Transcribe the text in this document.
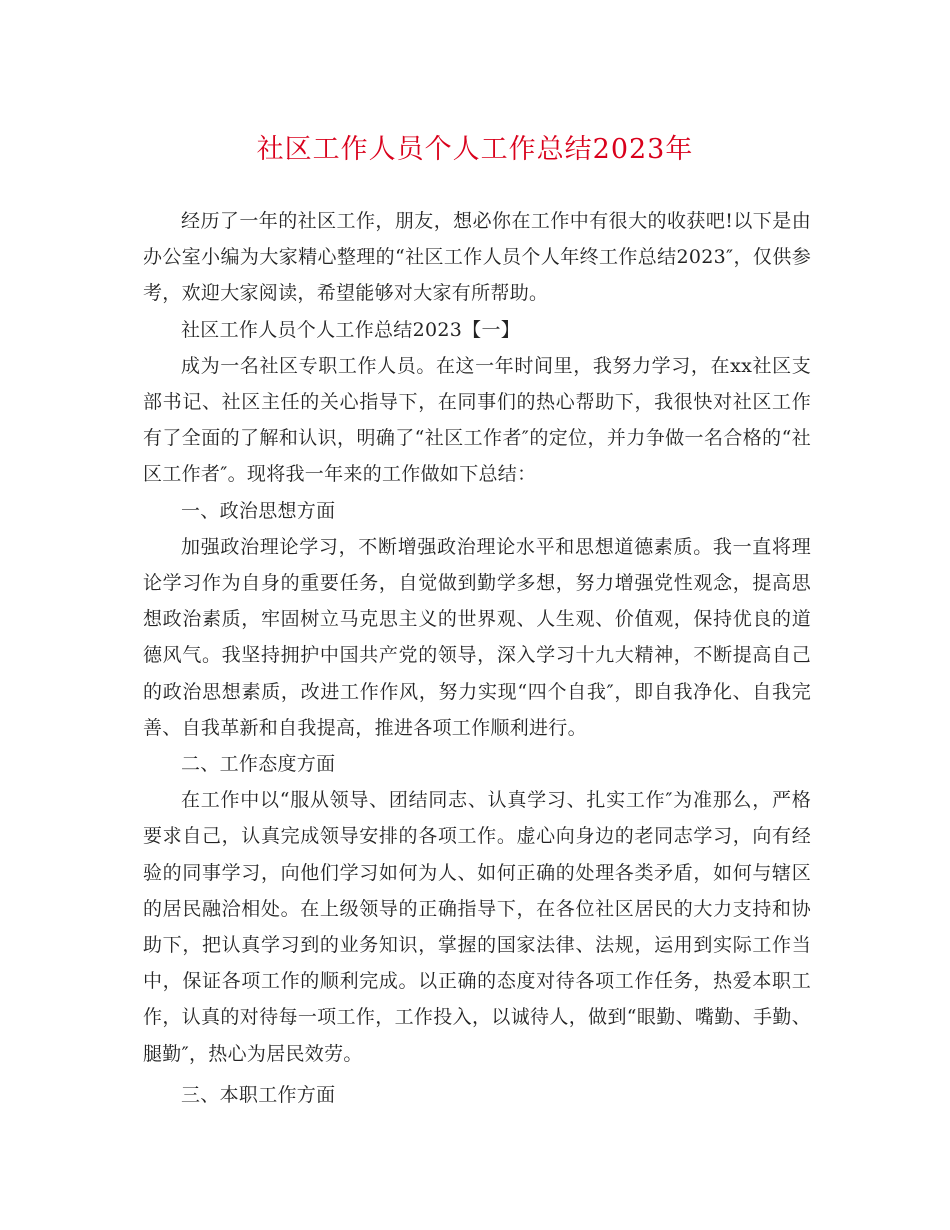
社区工作人员个人工作总结2023年

经历了一年的社区工作，朋友，想必你在工作中有很大的收获吧!以下是由办公室小编为大家精心整理的“社区工作人员个人年终工作总结2023″，仅供参考，欢迎大家阅读，希望能够对大家有所帮助。

社区工作人员个人工作总结2023【一】

成为一名社区专职工作人员。在这一年时间里，我努力学习，在xx社区支部书记、社区主任的关心指导下，在同事们的热心帮助下，我很快对社区工作有了全面的了解和认识，明确了“社区工作者″的定位，并力争做一名合格的“社区工作者″。现将我一年来的工作做如下总结：

一、政治思想方面

加强政治理论学习，不断增强政治理论水平和思想道德素质。我一直将理论学习作为自身的重要任务，自觉做到勤学多想，努力增强党性观念，提高思想政治素质，牢固树立马克思主义的世界观、人生观、价值观，保持优良的道德风气。我坚持拥护中国共产党的领导，深入学习十九大精神，不断提高自己的政治思想素质，改进工作作风，努力实现“四个自我″，即自我净化、自我完善、自我革新和自我提高，推进各项工作顺利进行。

二、工作态度方面

在工作中以“服从领导、团结同志、认真学习、扎实工作″为准那么，严格要求自己，认真完成领导安排的各项工作。虚心向身边的老同志学习，向有经验的同事学习，向他们学习如何为人、如何正确的处理各类矛盾，如何与辖区的居民融洽相处。在上级领导的正确指导下，在各位社区居民的大力支持和协助下，把认真学习到的业务知识，掌握的国家法律、法规，运用到实际工作当中，保证各项工作的顺利完成。以正确的态度对待各项工作任务，热爱本职工作，认真的对待每一项工作，工作投入，以诚待人，做到“眼勤、嘴勤、手勤、腿勤″，热心为居民效劳。

三、本职工作方面
